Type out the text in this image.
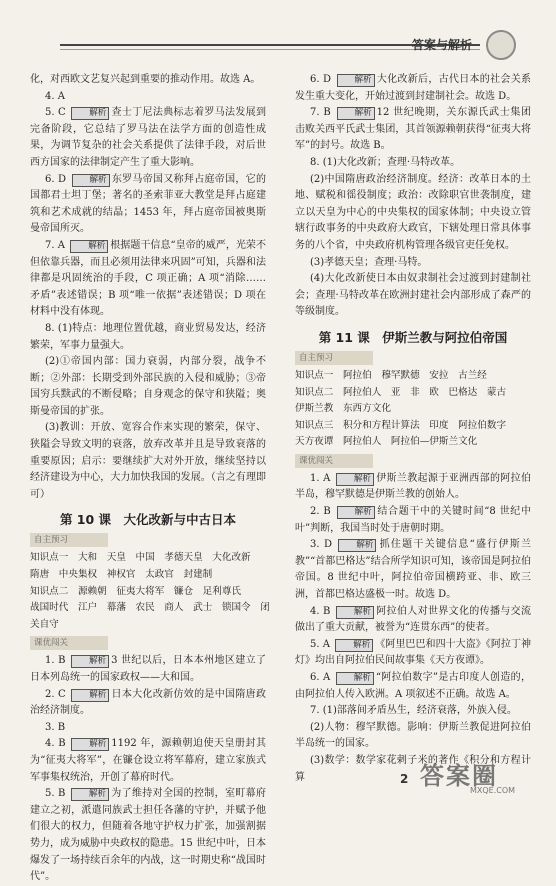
答案与解析

化，对西欧文艺复兴起到重要的推动作用。故选 A。

4. A

5. C	解析 查士丁尼法典标志着罗马法发展到完备阶段，它总结了罗马法在法学方面的创造性成果，为调节复杂的社会关系提供了法律手段，对后世西方国家的法律制定产生了重大影响。

6. D	解析 东罗马帝国又称拜占庭帝国，它的国都君士坦丁堡；著名的圣索菲亚大教堂是拜占庭建筑和艺术成就的结晶；1453 年，拜占庭帝国被奥斯曼帝国所灭。

7. A	解析 根据题干信息“皇帝的威严，光荣不但依靠兵器，而且必须用法律来巩固”可知，兵器和法律都是巩固统治的手段，C 项正确；A 项“消除……矛盾”表述错误；B 项“唯一依据”表述错误；D 项在材料中没有体现。

8. (1)特点：地理位置优越，商业贸易发达，经济繁荣，军事力量强大。

(2)①帝国内部：国力衰弱，内部分裂，战争不断；②外部：长期受到外部民族的入侵和威胁；③帝国穷兵黩武的不断侵略；自身观念的保守和狭隘；奥斯曼帝国的扩张。

(3)教训：开放、宽容合作来实现的繁荣，保守、狭隘会导致文明的衰落，放弃改革并且是导致衰落的重要原因；启示：要继续扩大对外开放，继续坚持以经济建设为中心，大力加快我国的发展。（言之有理即可）

第 10 课　大化改新与中古日本
自主预习

知识点一　大和　天皇　中国　孝德天皇　大化改新

隋唐　中央集权　神权官　太政官　封建制

知识点二　源赖朝　征夷大将军　镰仓　足利尊氏

战国时代　江户　幕藩　农民　商人　武士　锁国令　闭

关自守

课优闯关

1. B	解析 3 世纪以后，日本本州地区建立了日本列岛统一的国家政权——大和国。

2. C	解析 日本大化改新仿效的是中国隋唐政治经济制度。

3. B

4. B	解析 1192 年，源赖朝迫使天皇册封其为“征夷大将军”，在镰仓设立将军幕府，建立家族式军事集权统治，开创了幕府时代。

5. B	解析 为了维持对全国的控制，室町幕府建立之初，派遣同族武士担任各藩的守护，并赋予他们很大的权力，但随着各地守护权力扩张，加强割据势力，成为威胁中央政权的隐患。15 世纪中叶，日本爆发了一场持续百余年的内战，这一时期史称“战国时代”。

6. D	解析 大化改新后，古代日本的社会关系发生重大变化，开始过渡到封建制社会。故选 D。

7. B	解析 12 世纪晚期，关东源氏武士集团击败关西平氏武士集团，其首领源赖朝获得“征夷大将军”的封号。故选 B。

8. (1)大化改新；查理·马特改革。

(2)中国隋唐政治经济制度。经济：改革日本的土地、赋税和徭役制度；政治：改除职官世袭制度，建立以天皇为中心的中央集权的国家体制；中央设立管辖行政事务的中央政府大政官，下辖处理日常具体事务的八个省，中央政府机构管理各级官吏任免权。

(3)孝德天皇；查理·马特。

(4)大化改新使日本由奴隶制社会过渡到封建制社会；查理·马特改革在欧洲封建社会内部形成了森严的等级制度。

第 11 课　伊斯兰教与阿拉伯帝国
自主预习

知识点一　阿拉伯　穆罕默德　安拉　古兰经

知识点二　阿拉伯人　亚　非　欧　巴格达　蒙古

伊斯兰教　东西方文化

知识点三　积分和方程计算法　印度　阿拉伯数字

天方夜谭　阿拉伯人　阿拉伯—伊斯兰文化

课优闯关

1. A	解析 伊斯兰教起源于亚洲西部的阿拉伯半岛，穆罕默德是伊斯兰教的创始人。

2. B	解析 结合题干中的关键时间“8 世纪中叶”判断，我国当时处于唐朝时期。

3. D	解析 抓住题干关键信息“盛行伊斯兰教”“首都巴格达”结合所学知识可知，该帝国是阿拉伯帝国。8 世纪中叶，阿拉伯帝国横跨亚、非、欧三洲，首都巴格达盛极一时。故选 D。

4. B	解析 阿拉伯人对世界文化的传播与交流做出了重大贡献，被誉为“连贯东西”的使者。

5. A	解析 《阿里巴巴和四十大盗》《阿拉丁神灯》均出自阿拉伯民间故事集《天方夜谭》。

6. A	解析 “阿拉伯数字”是古印度人创造的，由阿拉伯人传入欧洲。A 项叙述不正确。故选 A。

7. (1)部落间矛盾丛生，经济衰落，外族入侵。

(2)人物：穆罕默德。影响：伊斯兰教促进阿拉伯半岛统一的国家。

(3)数学：数学家花剌子米的著作《积分和方程计算	2 答案圈
MXQE.COM
